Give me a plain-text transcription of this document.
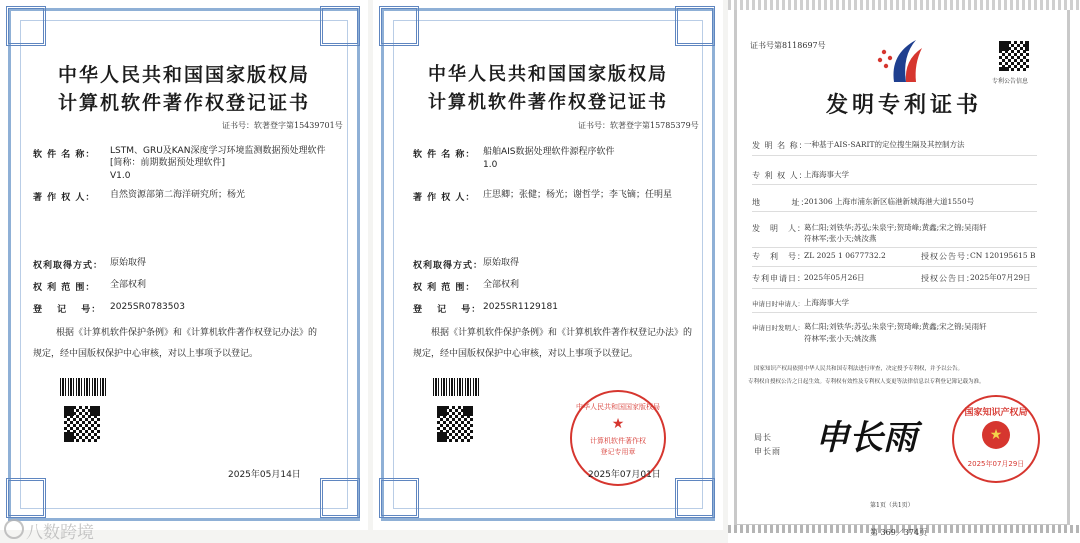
中华人民共和国国家版权局
计算机软件著作权登记证书
证书号：软著登字第15439701号
软 件 名 称： LSTM、GRU及KAN深度学习环境监测数据预处理软件
[简称：前期数据预处理软件]
V1.0
著 作 权 人： 自然资源部第二海洋研究所；杨光
权利取得方式： 原始取得
权 利 范 围： 全部权利
登　 记　 号： 2025SR0783503
根据《计算机软件保护条例》和《计算机软件著作权登记办法》的
规定，经中国版权保护中心审核，对以上事项予以登记。
2025年05月14日
中华人民共和国国家版权局
计算机软件著作权登记证书
证书号：软著登字第15785379号
软 件 名 称： 船舶AIS数据处理软件源程序软件
1.0
著 作 权 人： 庄思卿；张健；杨光；谢哲学；李飞镝；任明星
权利取得方式： 原始取得
权 利 范 围： 全部权利
登　 记　 号： 2025SR1129181
根据《计算机软件保护条例》和《计算机软件著作权登记办法》的
规定，经中国版权保护中心审核，对以上事项予以登记。
中华人民共和国国家版权局
★
计算机软件著作权
登记专用章
2025年07月01日
证书号第8118697号
专利公告信息
发明专利证书
发 明 名 称：
一种基于AIS-SARIT的定位搜生隔及其控制方法
专 利 权 人：
上海海事大学
地　　　 址：
201306 上海市浦东新区临港新城海港大道1550号
发　明　人：
葛仁阳;刘铁华;苏弘;朱泉宇;贺琦峰;黄鑫;宋之锦;吴雨轩
符林军;张小天;姚汝燕
专　利　号：
ZL 2025 1 0677732.2	授权公告号：
CN 120195615 B
专利申请日：
2025年05月26日	授权公告日：
2025年07月29日
申请日时申请人： 上海海事大学
申请日时发明人： 葛仁阳;刘铁华;苏弘;朱泉宇;贺琦峰;黄鑫;宋之锦;吴雨轩
符林军;张小天;姚汝燕
国家知识产权局依照中华人民共和国专利法进行审查，决定授予专利权，并予以公告。
专利权自授权公告之日起生效。专利权有效性及专利权人变更等法律信息以专利登记簿记载为准。
局长
申长雨 申长雨
国家知识产权局
★
2025年07月29日
第1页（共1页）
第 369／374页
八数跨境
